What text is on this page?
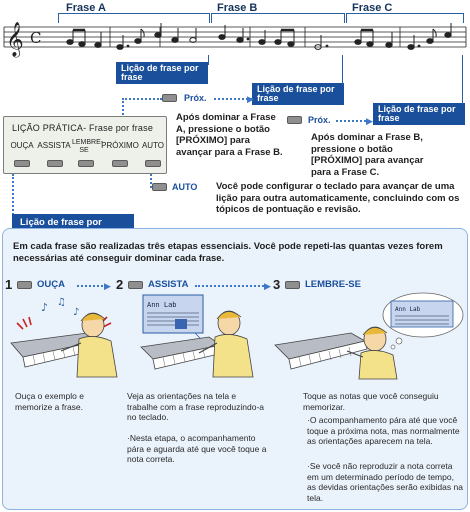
Frase A	Frase B	Frase C
𝄞 C
Lição de frase por frase
Lição de frase por frase
Lição de frase por frase
Próx.	▶
Após dominar a Frase A, pressione o botão [PRÓXIMO] para avançar para a Frase B.
Próx.	▶
Após dominar a Frase B, pressione o botão [PRÓXIMO] para avançar para a Frase C.
LIÇÃO PRÁTICA- Frase por frase
OUÇA ASSISTA LEMBRE-SE
PRÓXIMO AUTO
AUTO Você pode configurar o teclado para avançar de uma lição para outra automaticamente, concluindo com os tópicos de pontuação e revisão.
Lição de frase por
Em cada frase são realizadas três etapas essenciais. Você pode repeti-las quantas vezes forem necessárias até conseguir dominar cada frase.
1	OUÇA	▶ 2	ASSISTA	▶ 3	LEMBRE-SE
♪ ♫
♪
Ann Lab
Ann Lab
Ouça o exemplo e memorize a frase.
Veja as orientações na tela e trabalhe com a frase reproduzindo-a no teclado.
·Nesta etapa, o acompanhamento pára e aguarda até que você toque a nota correta.
Toque as notas que você conseguiu memorizar.
·O acompanhamento pára até que você toque a próxima nota, mas normalmente as orientações aparecem na tela.
·Se você não reproduzir a nota correta em um determinado período de tempo, as devidas orientações serão exibidas na tela.
